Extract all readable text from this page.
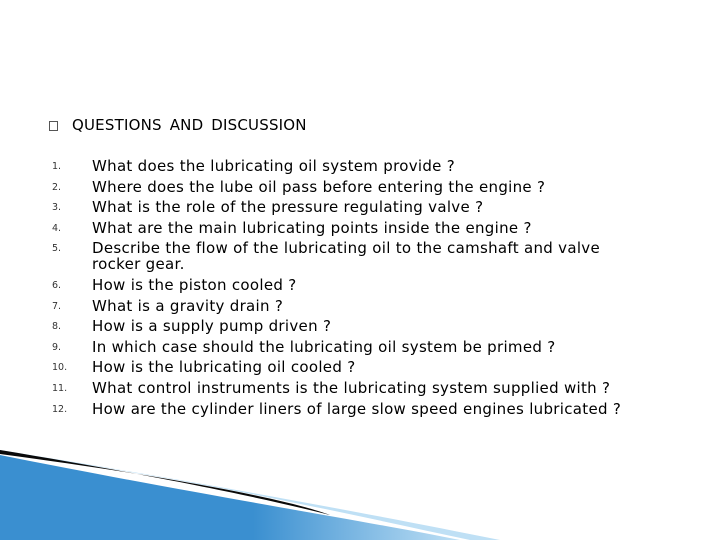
QUESTIONS AND DISCUSSION
1.	What does the lubricating oil system provide ?
2.	Where does the lube oil pass before entering the engine ?
3.	What is the role of the pressure regulating valve ?
4.	What are the main lubricating points inside the engine ?
5.	Describe the flow of the lubricating oil to the camshaft and valve rocker gear.
6.	How is the piston cooled ?
7.	What is a gravity drain ?
8.	How is a supply pump driven ?
9.	In which case should the lubricating oil system be primed ?
10.	How is the lubricating oil cooled ?
11.	What control instruments is the lubricating system supplied with ?
12.	How are the cylinder liners of large slow speed engines lubricated ?
